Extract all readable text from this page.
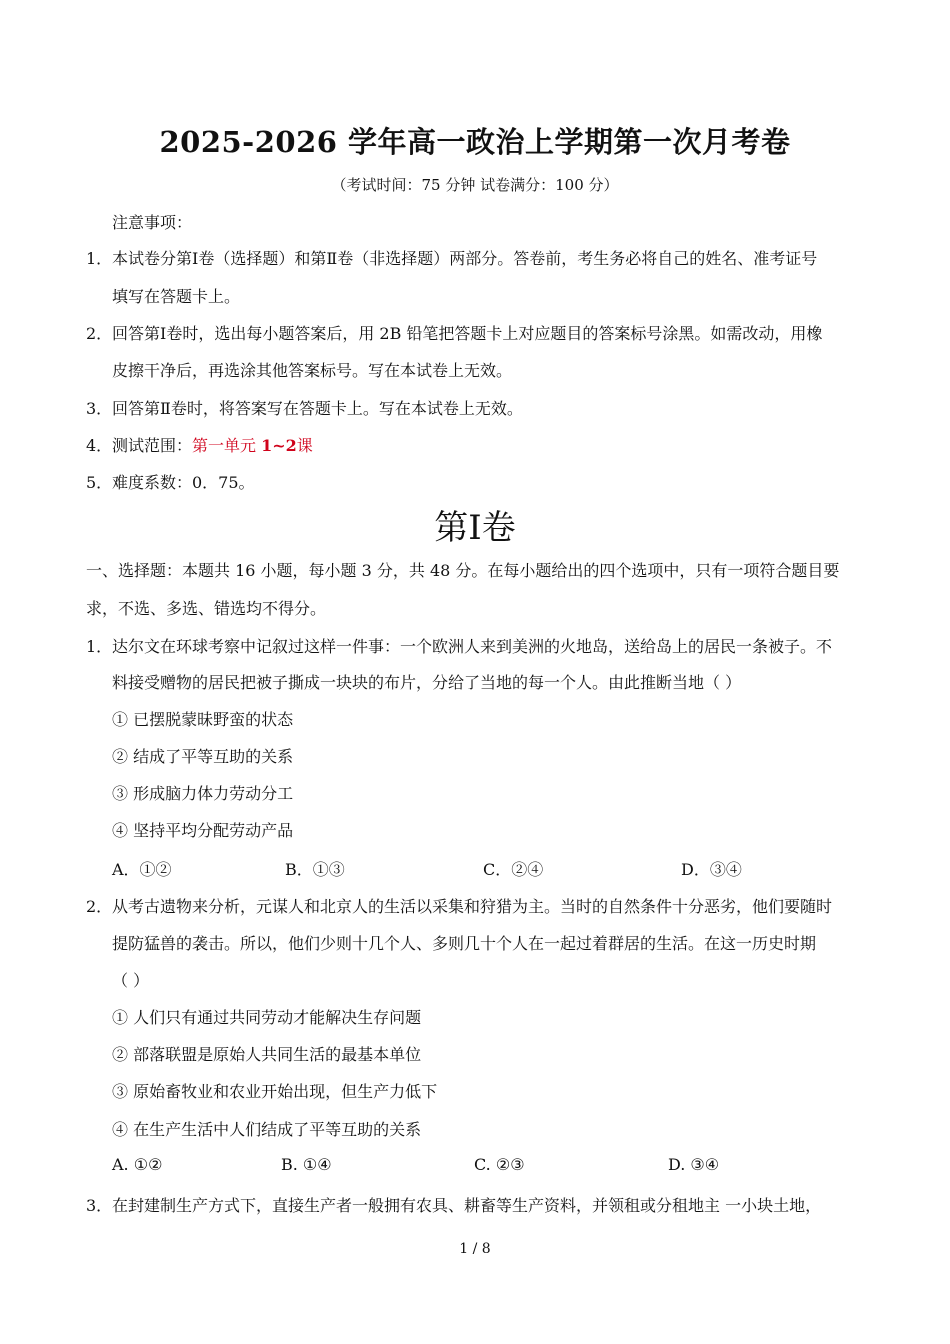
2025-2026 学年高一政治上学期第一次月考卷
（考试时间：75 分钟 试卷满分：100 分）
注意事项：
1．本试卷分第Ⅰ卷（选择题）和第Ⅱ卷（非选择题）两部分。答卷前，考生务必将自己的姓名、准考证号
填写在答题卡上。
2．回答第Ⅰ卷时，选出每小题答案后，用 2B 铅笔把答题卡上对应题目的答案标号涂黑。如需改动，用橡
皮擦干净后，再选涂其他答案标号。写在本试卷上无效。
3．回答第Ⅱ卷时，将答案写在答题卡上。写在本试卷上无效。
4．测试范围：第一单元 1~2课
5．难度系数：0．75。
第Ⅰ卷
一、选择题：本题共 16 小题，每小题 3 分，共 48 分。在每小题给出的四个选项中，只有一项符合题目要
求，不选、多选、错选均不得分。
1．达尔文在环球考察中记叙过这样一件事：一个欧洲人来到美洲的火地岛，送给岛上的居民一条被子。不
料接受赠物的居民把被子撕成一块块的布片，分给了当地的每一个人。由此推断当地（ ）
① 已摆脱蒙昧野蛮的状态
② 结成了平等互助的关系
③ 形成脑力体力劳动分工
④ 坚持平均分配劳动产品
A．①②	B．①③	C．②④	D．③④
2．从考古遗物来分析，元谋人和北京人的生活以采集和狩猎为主。当时的自然条件十分恶劣，他们要随时
提防猛兽的袭击。所以，他们少则十几个人、多则几十个人在一起过着群居的生活。在这一历史时期
（ ）
① 人们只有通过共同劳动才能解决生存问题
② 部落联盟是原始人共同生活的最基本单位
③ 原始畜牧业和农业开始出现，但生产力低下
④ 在生产生活中人们结成了平等互助的关系
A. ①②	B. ①④	C. ②③	D. ③④
3．在封建制生产方式下，直接生产者一般拥有农具、耕畜等生产资料，并领租或分租地主 一小块土地，
1 / 8
